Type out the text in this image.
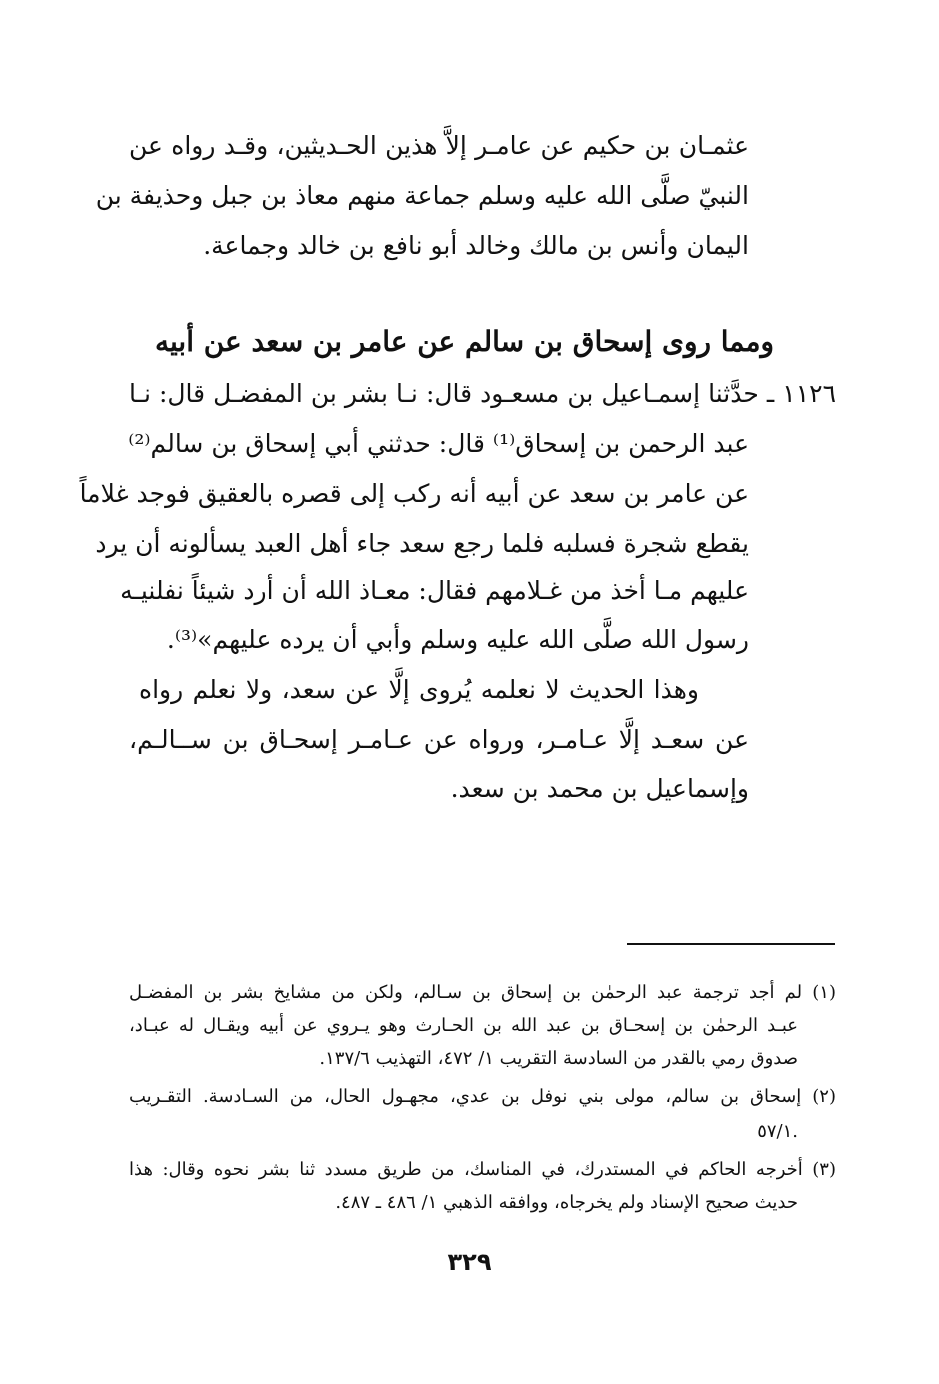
عثمـان بن حكيم عن عامـر إلاَّ هذين الحـديثين، وقـد رواه عن
النبيّ صلَّى الله عليه وسلم جماعة منهم معاذ بن جبل وحذيفة بن
اليمان وأنس بن مالك وخالد أبو نافع بن خالد وجماعة.
ومما روى إسحاق بن سالم عن عامر بن سعد عن أبيه
١١٢٦ ـ حدَّثنا إسمـاعيل بن مسعـود قال: نـا بشر بن المفضـل قال: نـا
عبد الرحمن بن إسحاق⁽¹⁾ قال: حدثني أبي إسحاق بن سالم⁽²⁾
عن عامر بن سعد عن أبيه أنه ركب إلى قصره بالعقيق فوجد غلاماً
يقطع شجرة فسلبه فلما رجع سعد جاء أهل العبد يسألونه أن يرد
عليهم مـا أخذ من غـلامهم فقال: معـاذ الله أن أرد شيئاً نفلنيـه
رسول الله صلَّى الله عليه وسلم وأبي أن يرده عليهم»⁽³⁾.
وهذا الحديث لا نعلمه يُروى إلَّا عن سعد، ولا نعلم رواه
عن سعـد إلَّا عـامـر، ورواه عن عـامـر إسحـاق بن ســالـم،
وإسماعيل بن محمد بن سعد.
(١) لم أجد ترجمة عبد الرحمٰن بن إسحاق بن سـالم، ولكن من مشايخ بشر بن المفضـل
عبـد الرحمٰن بن إسحـاق بن عبد الله بن الحـارث وهو يـروي عن أبيه ويقـال له عبـاد،
صدوق رمي بالقدر من السادسة التقريب ١/ ٤٧٢، التهذيب ١٣٧/٦.
(٢) إسحاق بن سالم، مولى بني نوفل بن عدي، مجهـول الحال، من السـادسة. التقـريب
٥٧/١.
(٣) أخرجه الحاكم في المستدرك، في المناسك، من طريق مسدد ثنا بشر نحوه وقال: هذا
حديث صحيح الإسناد ولم يخرجاه، ووافقه الذهبي ١/ ٤٨٦ ـ ٤٨٧.
٣٢٩
